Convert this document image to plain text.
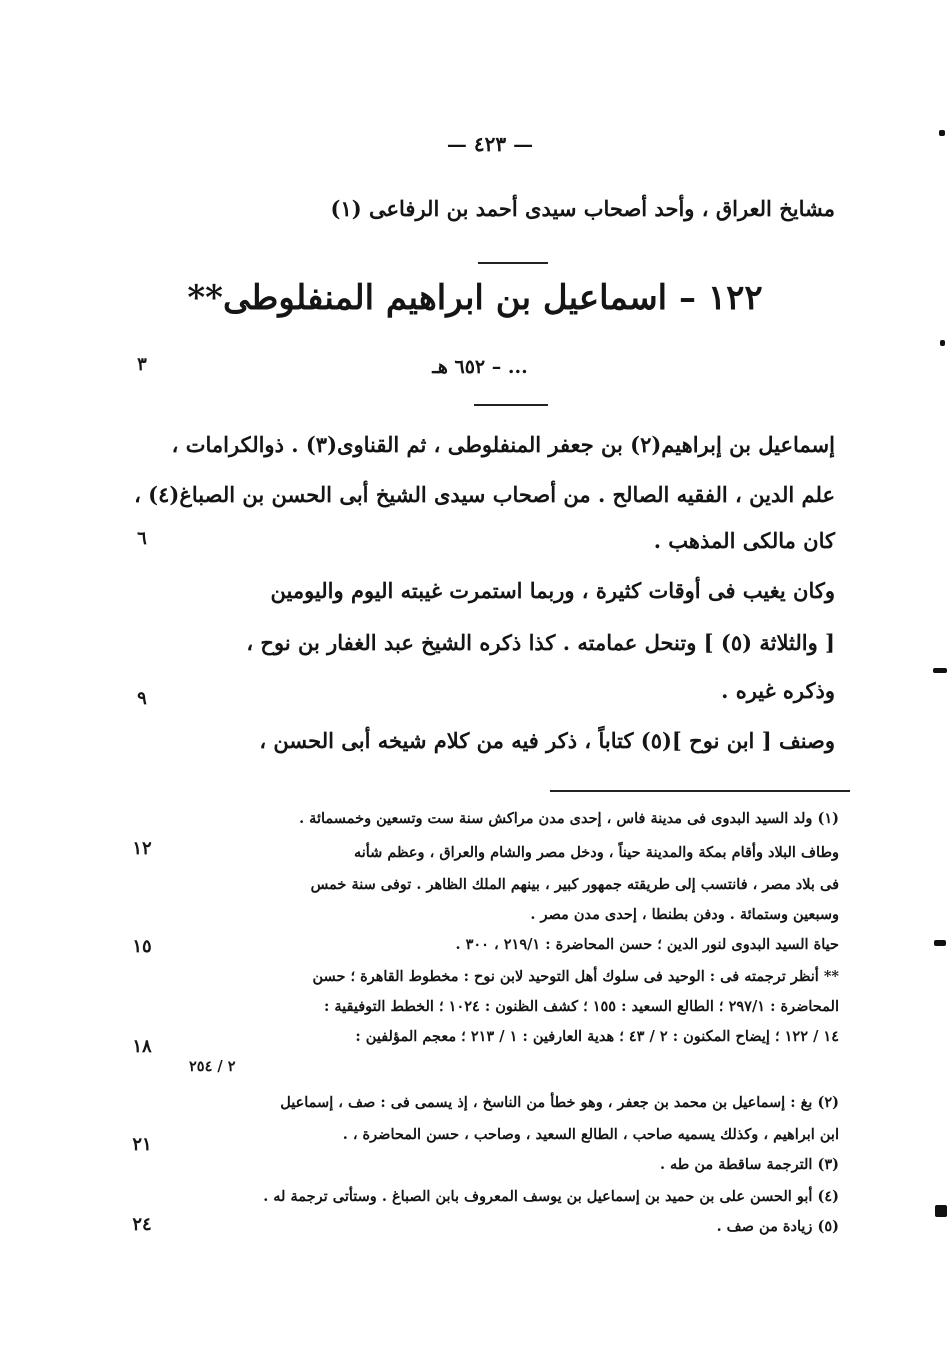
— ٤٢٣ —
مشايخ العراق ، وأحد أصحاب سيدى أحمد بن الرفاعى (١)
١٢٢ – اسماعيل بن ابراهيم المنفلوطى**
... – ٦٥٢ هـ
إسماعيل بن إبراهيم(٢) بن جعفر المنفلوطى ، ثم القناوى(٣) . ذوالكرامات ،
علم الدين ، الفقيه الصالح . من أصحاب سيدى الشيخ أبى الحسن بن الصباغ(٤) ،
كان مالكى المذهب .
وكان يغيب فى أوقات كثيرة ، وربما استمرت غيبته اليوم واليومين
[ والثلاثة (٥) ] وتنحل عمامته . كذا ذكره الشيخ عبد الغفار بن نوح ،
وذكره غيره .
وصنف [ ابن نوح ](٥) كتاباً ، ذكر فيه من كلام شيخه أبى الحسن ،
(١) ولد السيد البدوى فى مدينة فاس ، إحدى مدن مراكش سنة ست وتسعين وخمسمائة .
وطاف البلاد وأقام بمكة والمدينة حيناً ، ودخل مصر والشام والعراق ، وعظم شأنه
فى بلاد مصر ، فانتسب إلى طريقته جمهور كبير ، بينهم الملك الظاهر . توفى سنة خمس
وسبعين وستمائة . ودفن بطنطا ، إحدى مدن مصر .
حياة السيد البدوى لنور الدين ؛ حسن المحاضرة : ٢١٩/١ ، ٣٠٠ .
** أنظر ترجمته فى : الوحيد فى سلوك أهل التوحيد لابن نوح : مخطوط القاهرة ؛ حسن
المحاضرة : ٢٩٧/١ ؛ الطالع السعيد : ١٥٥ ؛ كشف الظنون : ١٠٢٤ ؛ الخطط التوفيقية :
١٤ / ١٢٢ ؛ إيضاح المكنون : ٢ / ٤٣ ؛ هدية العارفين : ١ / ٢١٣ ؛ معجم المؤلفين :
٢ / ٢٥٤
(٢) بغ : إسماعيل بن محمد بن جعفر ، وهو خطأ من الناسخ ، إذ يسمى فى : صف ، إسماعيل
ابن ابراهيم ، وكذلك يسميه صاحب ، الطالع السعيد ، وصاحب ، حسن المحاضرة ، .
(٣) الترجمة ساقطة من طه .
(٤) أبو الحسن على بن حميد بن إسماعيل بن يوسف المعروف بابن الصباغ . وستأتى ترجمة له .
(٥) زيادة من صف .
٣
٦
٩
١٢
١٥
١٨
٢١
٢٤
